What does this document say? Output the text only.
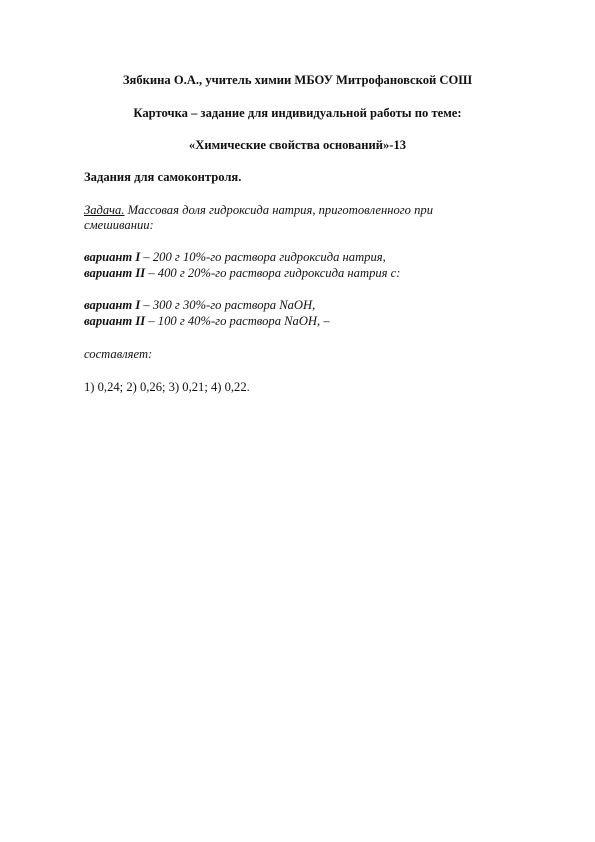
Зябкина О.А., учитель химии МБОУ Митрофановской СОШ
Карточка – задание для индивидуальной работы по теме:
«Химические свойства оснований»-13
Задания для самоконтроля.
Задача. Массовая доля гидроксида натрия, приготовленного при
смешивании:
вариант I – 200 г 10%-го раствора гидроксида натрия,
вариант II – 400 г 20%-го раствора гидроксида натрия с:
вариант I – 300 г 30%-го раствора NaOH,
вариант II – 100 г 40%-го раствора NaOH, –
составляет:
1) 0,24; 2) 0,26; 3) 0,21; 4) 0,22.
